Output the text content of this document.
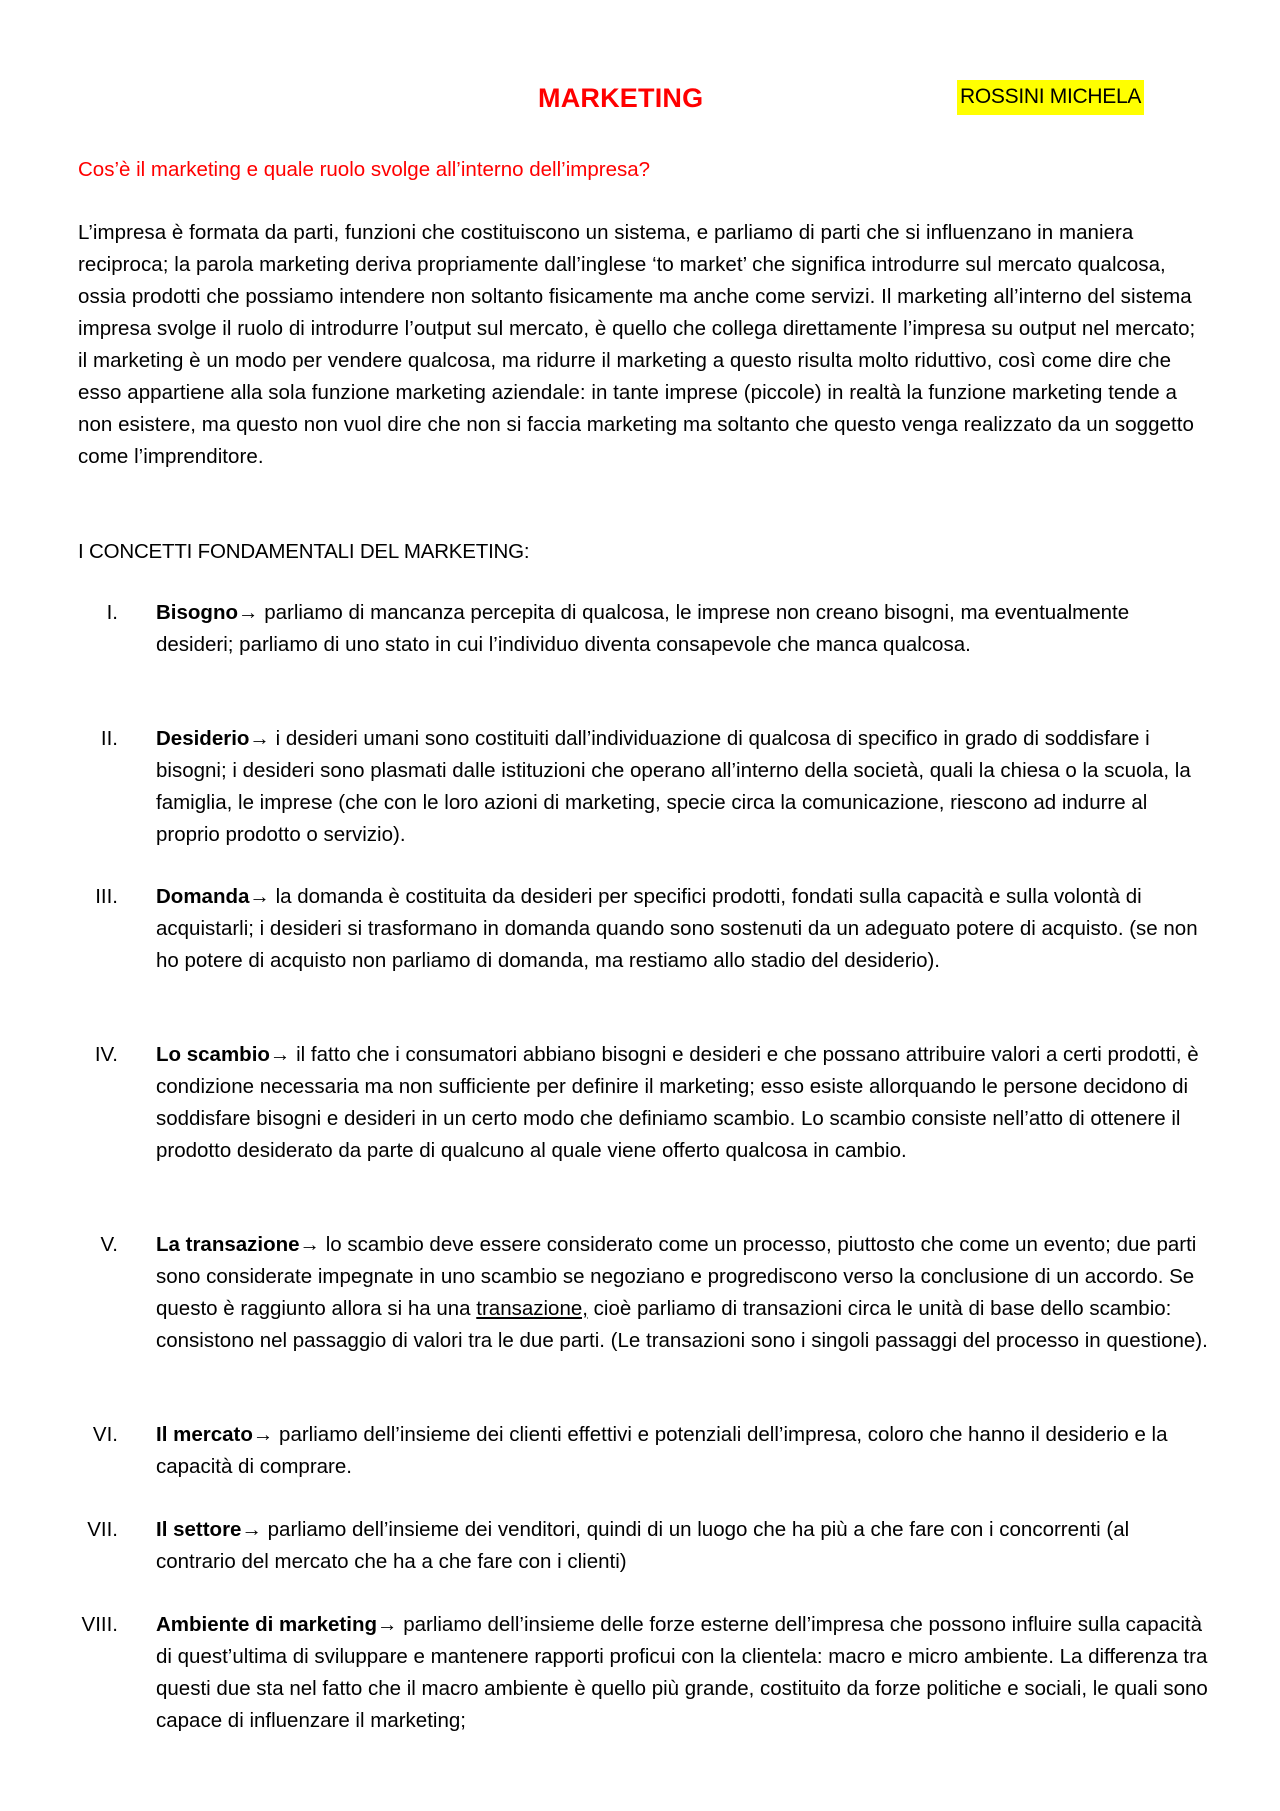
MARKETING	ROSSINI MICHELA
Cos’è il marketing e quale ruolo svolge all’interno dell’impresa?
L’impresa è formata da parti, funzioni che costituiscono un sistema, e parliamo di parti che si influenzano in maniera reciproca; la parola marketing deriva propriamente dall’inglese ‘to market’ che significa introdurre sul mercato qualcosa, ossia prodotti che possiamo intendere non soltanto fisicamente ma anche come servizi. Il marketing all’interno del sistema impresa svolge il ruolo di introdurre l’output sul mercato, è quello che collega direttamente l’impresa su output nel mercato; il marketing è un modo per vendere qualcosa, ma ridurre il marketing a questo risulta molto riduttivo, così come dire che esso appartiene alla sola funzione marketing aziendale: in tante imprese (piccole) in realtà la funzione marketing tende a non esistere, ma questo non vuol dire che non si faccia marketing ma soltanto che questo venga realizzato da un soggetto come l’imprenditore.
I CONCETTI FONDAMENTALI DEL MARKETING:
I. Bisogno→ parliamo di mancanza percepita di qualcosa, le imprese non creano bisogni, ma eventualmente desideri; parliamo di uno stato in cui l’individuo diventa consapevole che manca qualcosa.
II. Desiderio→ i desideri umani sono costituiti dall’individuazione di qualcosa di specifico in grado di soddisfare i bisogni; i desideri sono plasmati dalle istituzioni che operano all’interno della società, quali la chiesa o la scuola, la famiglia, le imprese (che con le loro azioni di marketing, specie circa la comunicazione, riescono ad indurre al proprio prodotto o servizio).
III. Domanda→ la domanda è costituita da desideri per specifici prodotti, fondati sulla capacità e sulla volontà di acquistarli; i desideri si trasformano in domanda quando sono sostenuti da un adeguato potere di acquisto. (se non ho potere di acquisto non parliamo di domanda, ma restiamo allo stadio del desiderio).
IV. Lo scambio→ il fatto che i consumatori abbiano bisogni e desideri e che possano attribuire valori a certi prodotti, è condizione necessaria ma non sufficiente per definire il marketing; esso esiste allorquando le persone decidono di soddisfare bisogni e desideri in un certo modo che definiamo scambio. Lo scambio consiste nell’atto di ottenere il prodotto desiderato da parte di qualcuno al quale viene offerto qualcosa in cambio.
V. La transazione→ lo scambio deve essere considerato come un processo, piuttosto che come un evento; due parti sono considerate impegnate in uno scambio se negoziano e progrediscono verso la conclusione di un accordo. Se questo è raggiunto allora si ha una transazione, cioè parliamo di transazioni circa le unità di base dello scambio: consistono nel passaggio di valori tra le due parti. (Le transazioni sono i singoli passaggi del processo in questione).
VI. Il mercato→ parliamo dell’insieme dei clienti effettivi e potenziali dell’impresa, coloro che hanno il desiderio e la capacità di comprare.
VII. Il settore→ parliamo dell’insieme dei venditori, quindi di un luogo che ha più a che fare con i concorrenti (al contrario del mercato che ha a che fare con i clienti)
VIII. Ambiente di marketing→ parliamo dell’insieme delle forze esterne dell’impresa che possono influire sulla capacità di quest’ultima di sviluppare e mantenere rapporti proficui con la clientela: macro e micro ambiente. La differenza tra questi due sta nel fatto che il macro ambiente è quello più grande, costituito da forze politiche e sociali, le quali sono capace di influenzare il marketing;
